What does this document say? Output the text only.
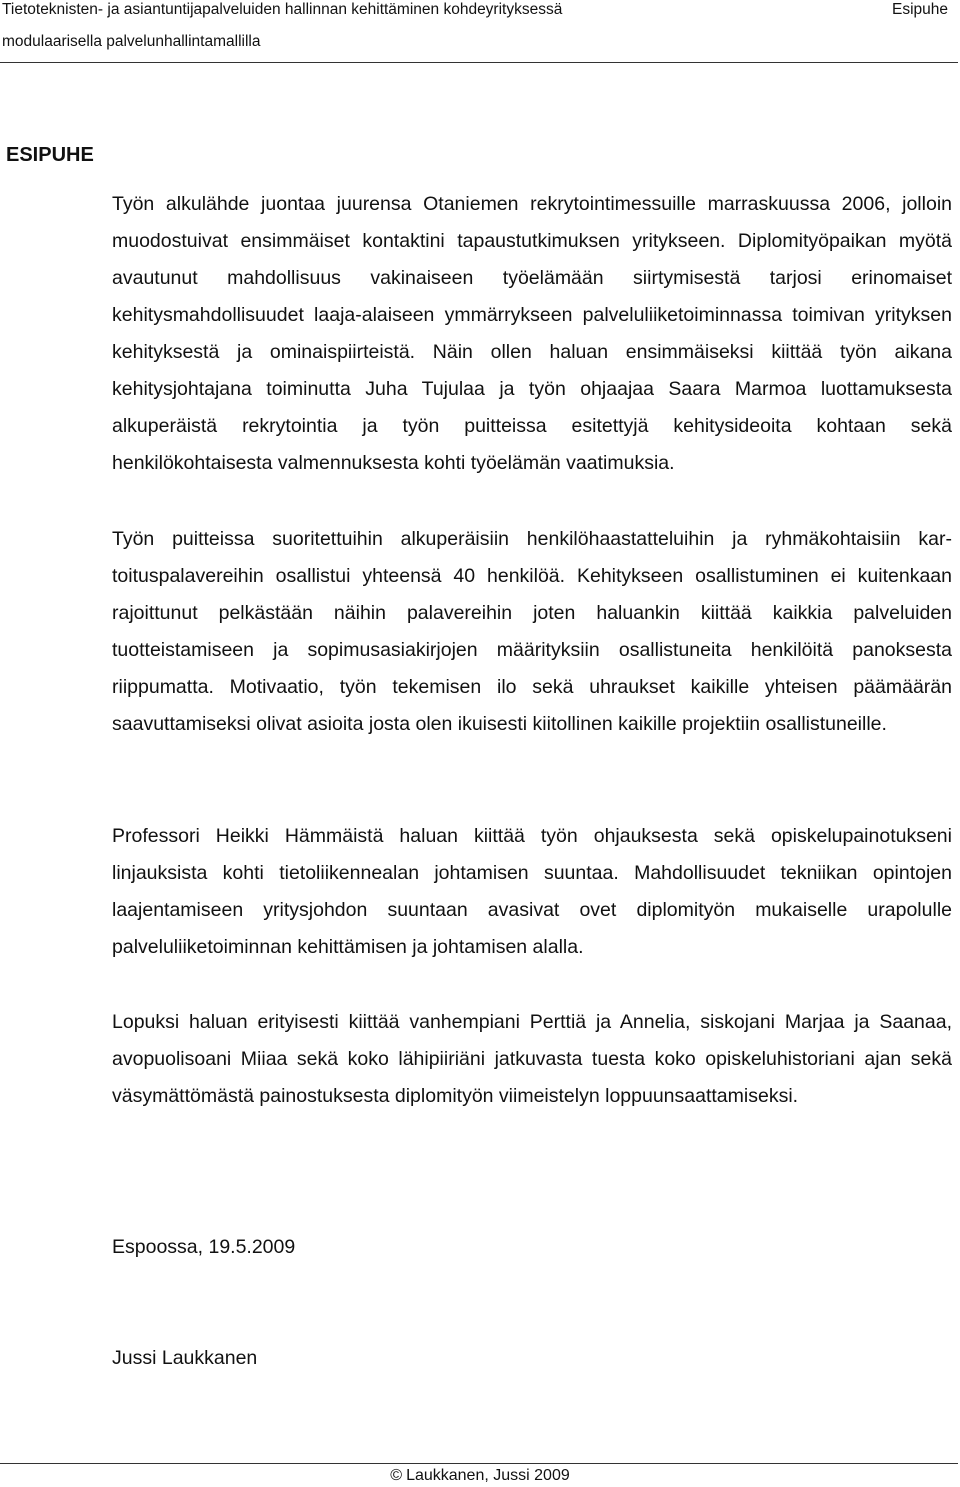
Tietoteknisten- ja asiantuntijapalveluiden hallinnan kehittäminen kohdeyrityksessä
modulaarisella palvelunhallintamallilla
Esipuhe
ESIPUHE

Työn alkulähde juontaa juurensa Otaniemen rekrytointimessuille marraskuussa 2006, jolloin muodostuivat ensimmäiset kontaktini tapaustutkimuksen yritykseen. Diplomityöpaikan myötä avautunut mahdollisuus vakinaiseen työelämään siirtymisestä tarjosi erinomaiset kehitysmahdollisuudet laaja-alaiseen ymmärrykseen palveluliiketoiminnassa toimivan yrityksen kehityksestä ja ominaispiirteistä. Näin ollen haluan ensimmäiseksi kiittää työn aikana kehitysjohtajana toiminutta Juha Tujulaa ja työn ohjaajaa Saara Marmoa luottamuksesta alkuperäistä rekrytointia ja työn puitteissa esitettyjä kehitysideoita kohtaan sekä henkilökohtaisesta valmennuksesta kohti työelämän vaatimuksia.

Työn puitteissa suoritettuihin alkuperäisiin henkilöhaastatteluihin ja ryhmäkohtaisiin kartoituspalavereihin osallistui yhteensä 40 henkilöä. Kehitykseen osallistuminen ei kuitenkaan rajoittunut pelkästään näihin palavereihin joten haluankin kiittää kaikkia palveluiden tuotteistamiseen ja sopimusasiakirjojen määrityksiin osallistuneita henkilöitä panoksesta riippumatta. Motivaatio, työn tekemisen ilo sekä uhraukset kaikille yhteisen päämäärän saavuttamiseksi olivat asioita josta olen ikuisesti kiitollinen kaikille projektiin osallistuneille.

Professori Heikki Hämmäistä haluan kiittää työn ohjauksesta sekä opiskelupainotukseni linjauksista kohti tietoliikennealan johtamisen suuntaa. Mahdollisuudet tekniikan opintojen laajentamiseen yritysjohdon suuntaan avasivat ovet diplomityön mukaiselle urapolulle palveluliiketoiminnan kehittämisen ja johtamisen alalla.

Lopuksi haluan erityisesti kiittää vanhempiani Perttiä ja Annelia, siskojani Marjaa ja Saanaa, avopuolisoani Miiaa sekä koko lähipiiriäni jatkuvasta tuesta koko opiskeluhistoriani ajan sekä väsymättömästä painostuksesta diplomityön viimeistelyn loppuunsaattamiseksi.

Espoossa, 19.5.2009

Jussi Laukkanen

© Laukkanen, Jussi 2009
